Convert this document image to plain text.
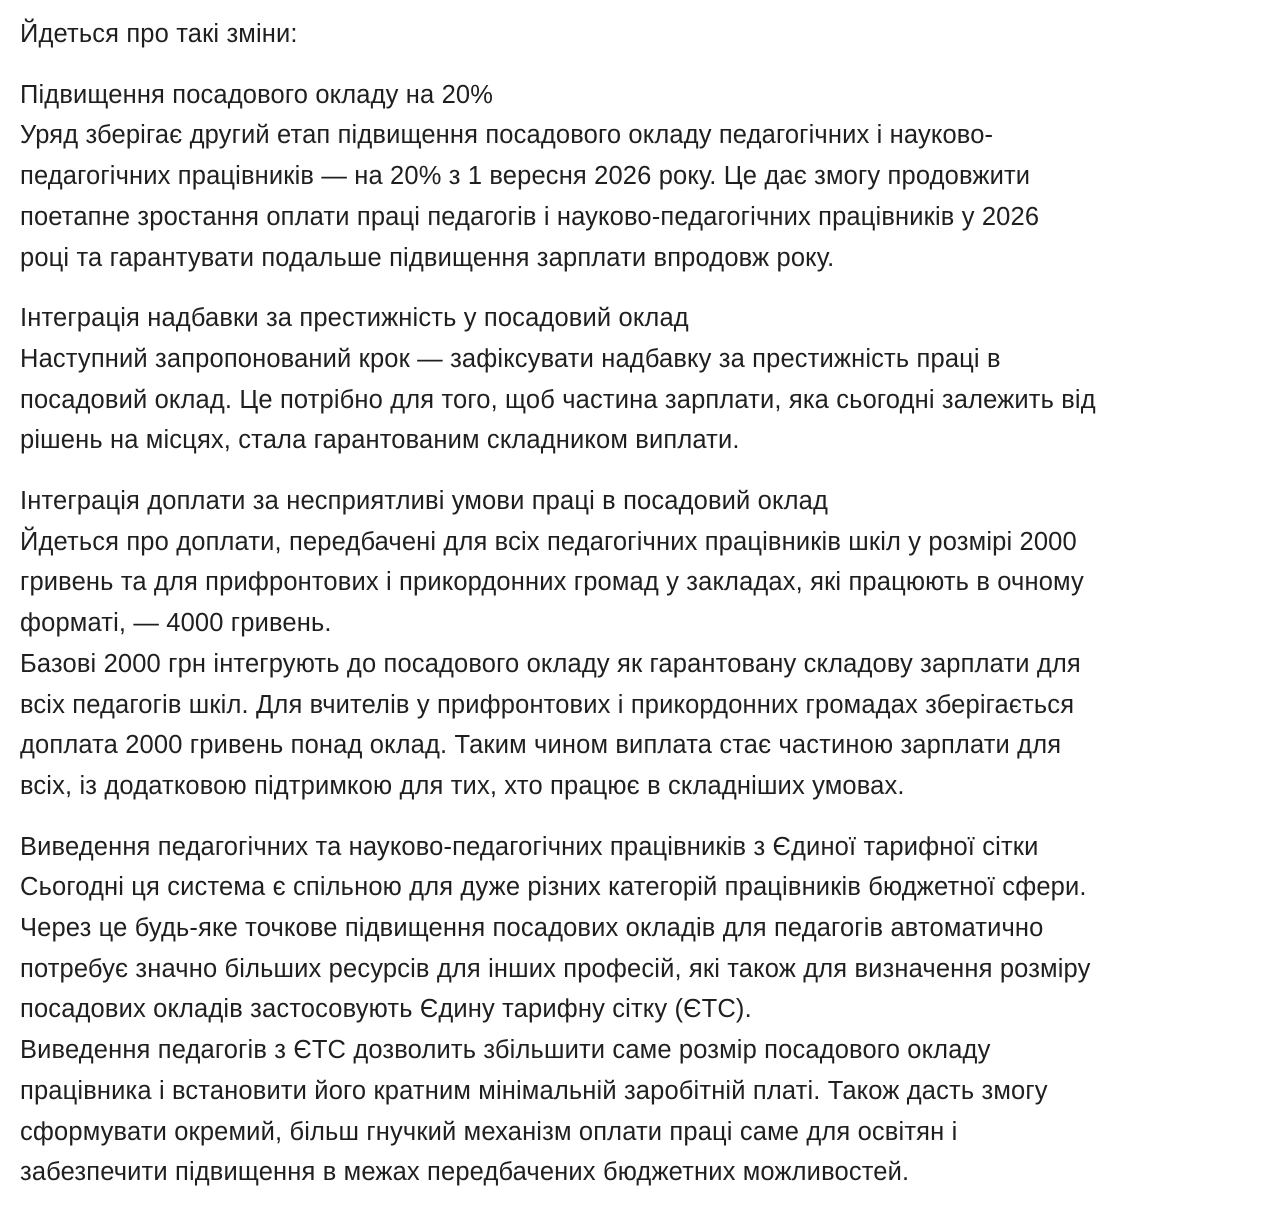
Йдеться про такі зміни:
Підвищення посадового окладу на 20%
Уряд зберігає другий етап підвищення посадового окладу педагогічних і науково-
педагогічних працівників — на 20% з 1 вересня 2026 року. Це дає змогу продовжити
поетапне зростання оплати праці педагогів і науково-педагогічних працівників у 2026
році та гарантувати подальше підвищення зарплати впродовж року.
Інтеграція надбавки за престижність у посадовий оклад
Наступний запропонований крок — зафіксувати надбавку за престижність праці в
посадовий оклад. Це потрібно для того, щоб частина зарплати, яка сьогодні залежить від
рішень на місцях, стала гарантованим складником виплати.
Інтеграція доплати за несприятливі умови праці в посадовий оклад
Йдеться про доплати, передбачені для всіх педагогічних працівників шкіл у розмірі 2000
гривень та для прифронтових і прикордонних громад у закладах, які працюють в очному
форматі, — 4000 гривень.
Базові 2000 грн інтегрують до посадового окладу як гарантовану складову зарплати для
всіх педагогів шкіл. Для вчителів у прифронтових і прикордонних громадах зберігається
доплата 2000 гривень понад оклад. Таким чином виплата стає частиною зарплати для
всіх, із додатковою підтримкою для тих, хто працює в складніших умовах.
Виведення педагогічних та науково-педагогічних працівників з Єдиної тарифної сітки
Сьогодні ця система є спільною для дуже різних категорій працівників бюджетної сфери.
Через це будь-яке точкове підвищення посадових окладів для педагогів автоматично
потребує значно більших ресурсів для інших професій, які також для визначення розміру
посадових окладів застосовують Єдину тарифну сітку (ЄТС).
Виведення педагогів з ЄТС дозволить збільшити саме розмір посадового окладу
працівника і встановити його кратним мінімальній заробітній платі. Також дасть змогу
сформувати окремий, більш гнучкий механізм оплати праці саме для освітян і
забезпечити підвищення в межах передбачених бюджетних можливостей.
